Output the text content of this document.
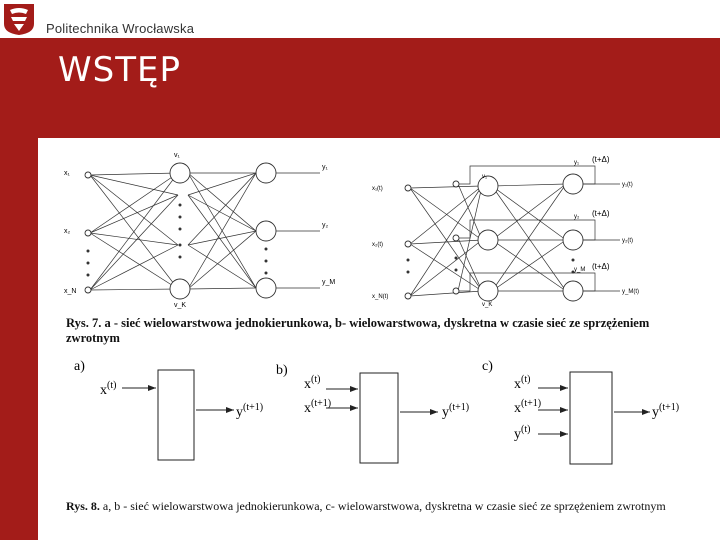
Politechnika Wrocławska
WSTĘP
x₁
x₂
x_N
v₁
v_K
y₁
y₂
y_M
x₁(t)
x₂(t)
x_N(t)
v₁
v_K
y₁(t)
y₂(t)
y_M(t)
y₁
y₂
y_M
(t+Δ)
(t+Δ)
(t+Δ)
Rys. 7. a - sieć wielowarstwowa jednokierunkowa, b- wielowarstwowa, dyskretna w czasie sieć ze sprzężeniem zwrotnym
a)
$x^{(t)}$
$y^{(t+1)}$
b)
$x^{(t)}$
$x^{(t+1)}$
$y^{(t+1)}$
c)
$x^{(t)}$
$x^{(t+1)}$
$y^{(t)}$
$y^{(t+1)}$
Rys. 8. a, b - sieć wielowarstwowa jednokierunkowa, c- wielowarstwowa, dyskretna w czasie sieć ze sprzężeniem zwrotnym
